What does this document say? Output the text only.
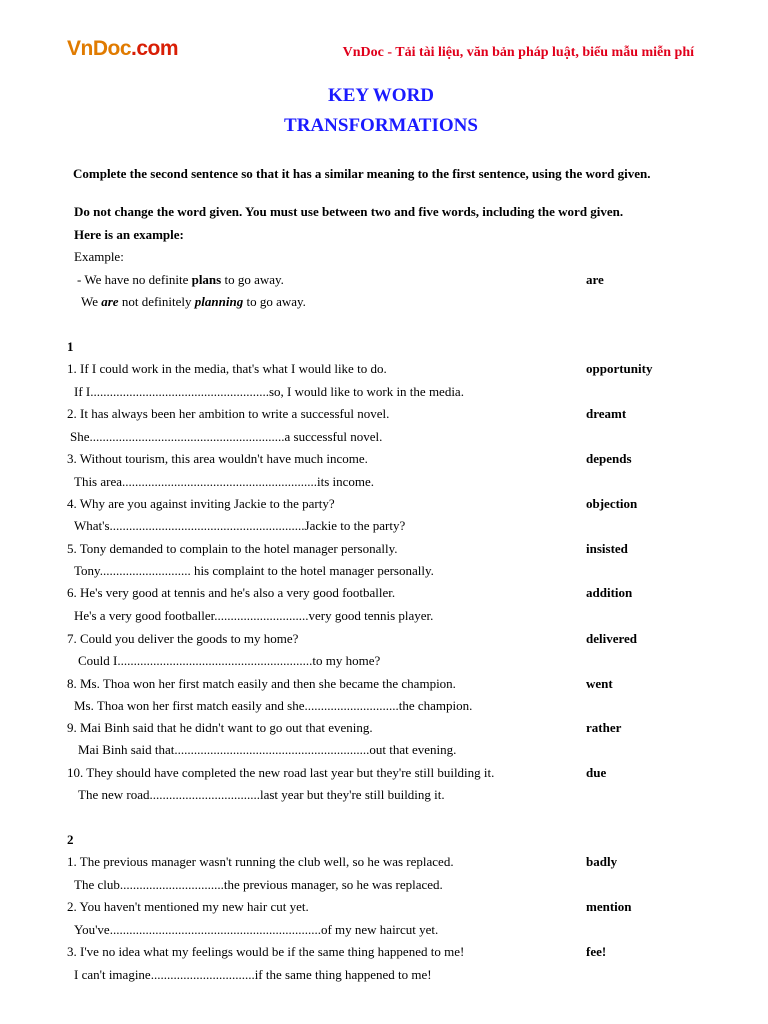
VnDoc.com	VnDoc - Tải tài liệu, văn bản pháp luật, biểu mẫu miễn phí
KEY WORD
TRANSFORMATIONS
Complete the second sentence so that it has a similar meaning to the first sentence, using the word given.
Do not change the word given. You must use between two and five words, including the word given.
Here is an example:
Example:
- We have no definite plans to go away.	are
We are not definitely planning to go away.
1
1. If I could work in the media, that's what I would like to do.	opportunity
If I.......................................................so, I would like to work in the media.
2. It has always been her ambition to write a successful novel.	dreamt
She............................................................a successful novel.
3. Without tourism, this area wouldn't have much income.	depends
This area............................................................its income.
4. Why are you against inviting Jackie to the party?	objection
What's............................................................Jackie to the party?
5. Tony demanded to complain to the hotel manager personally.	insisted
Tony............................ his complaint to the hotel manager personally.
6. He's very good at tennis and he's also a very good footballer.	addition
He's a very good footballer.............................very good tennis player.
7. Could you deliver the goods to my home?	delivered
Could I............................................................to my home?
8. Ms. Thoa won her first match easily and then she became the champion.	went
Ms. Thoa won her first match easily and she.............................the champion.
9. Mai Binh said that he didn't want to go out that evening.	rather
Mai Binh said that............................................................out that evening.
10. They should have completed the new road last year but they're still building it.	due
The new road..................................last year but they're still building it.
2
1. The previous manager wasn't running the club well, so he was replaced.	badly
The club................................the previous manager, so he was replaced.
2. You haven't mentioned my new hair cut yet.	mention
You've.................................................................of my new haircut yet.
3. I've no idea what my feelings would be if the same thing happened to me!	fee!
I can't imagine................................if the same thing happened to me!
